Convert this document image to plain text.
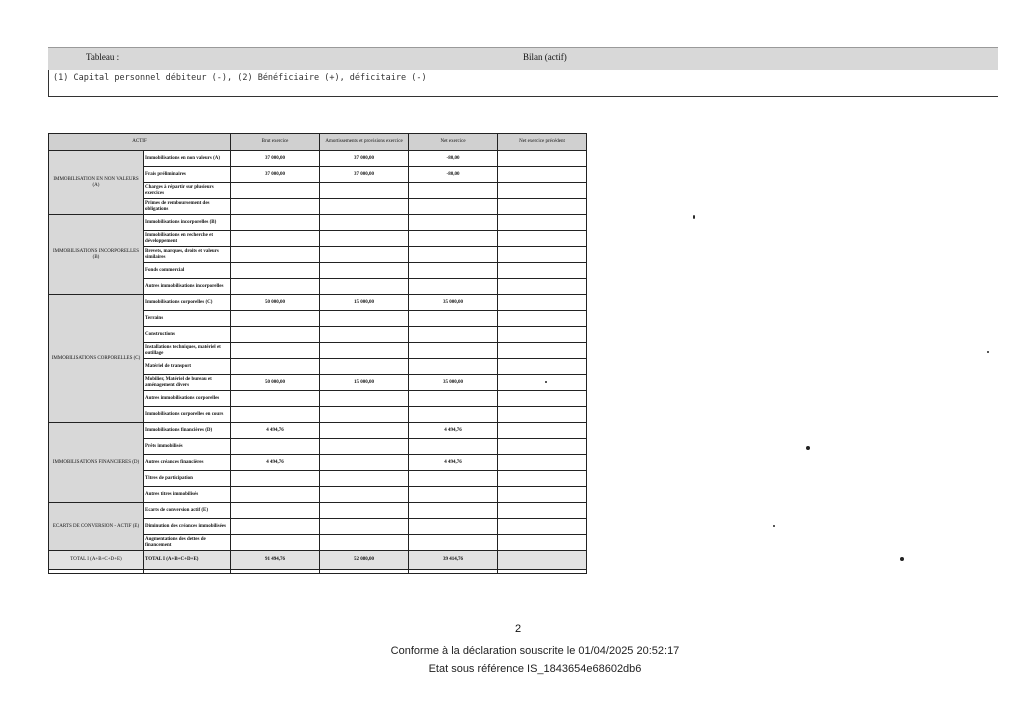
Tableau :	Bilan (actif)
(1) Capital personnel débiteur (-), (2) Bénéficiaire (+), déficitaire (-)
ACTIF		Brut exercice	Amortissements et provisions exercice	Net exercice	Net exercice précédent
IMMOBILISATION EN NON VALEURS (A)	Immobilisations en non valeurs (A)	37 000,00	37 000,00	-80,00	
	Frais préliminaires	37 000,00	37 000,00	-80,00	
	Charges à répartir sur plusieurs exercices				
	Primes de remboursement des obligations				
IMMOBILISATIONS INCORPORELLES (B)	Immobilisations incorporelles (B)				
	Immobilisations en recherche et développement				
	Brevets, marques, droits et valeurs similaires				
	Fonds commercial				
	Autres immobilisations incorporelles				
IMMOBILISATIONS CORPORELLES (C)	Immobilisations corporelles (C)	50 000,00	15 000,00	35 000,00	
	Terrains				
	Constructions				
	Installations techniques, matériel et outillage				
	Matériel de transport				
	Mobilier, Matériel de bureau et aménagement divers	50 000,00	15 000,00	35 000,00	
	Autres immobilisations corporelles				
	Immobilisations corporelles en cours				
IMMOBILISATIONS FINANCIERES (D)	Immobilisations financières (D)	4 494,76		4 494,76	
	Prêts immobilisés				
	Autres créances financières	4 494,76		4 494,76	
	Titres de participation				
	Autres titres immobilisés				
ECARTS DE CONVERSION - ACTIF (E)	Ecarts de conversion actif (E)				
	Diminution des créances immobilisées				
	Augmentations des dettes de financement				
TOTAL I (A+B+C+D+E)	TOTAL I (A+B+C+D+E)	91 494,76	52 080,00	39 414,76	

2
Conforme à la déclaration souscrite le 01/04/2025 20:52:17
Etat sous référence IS_1843654e68602db6
